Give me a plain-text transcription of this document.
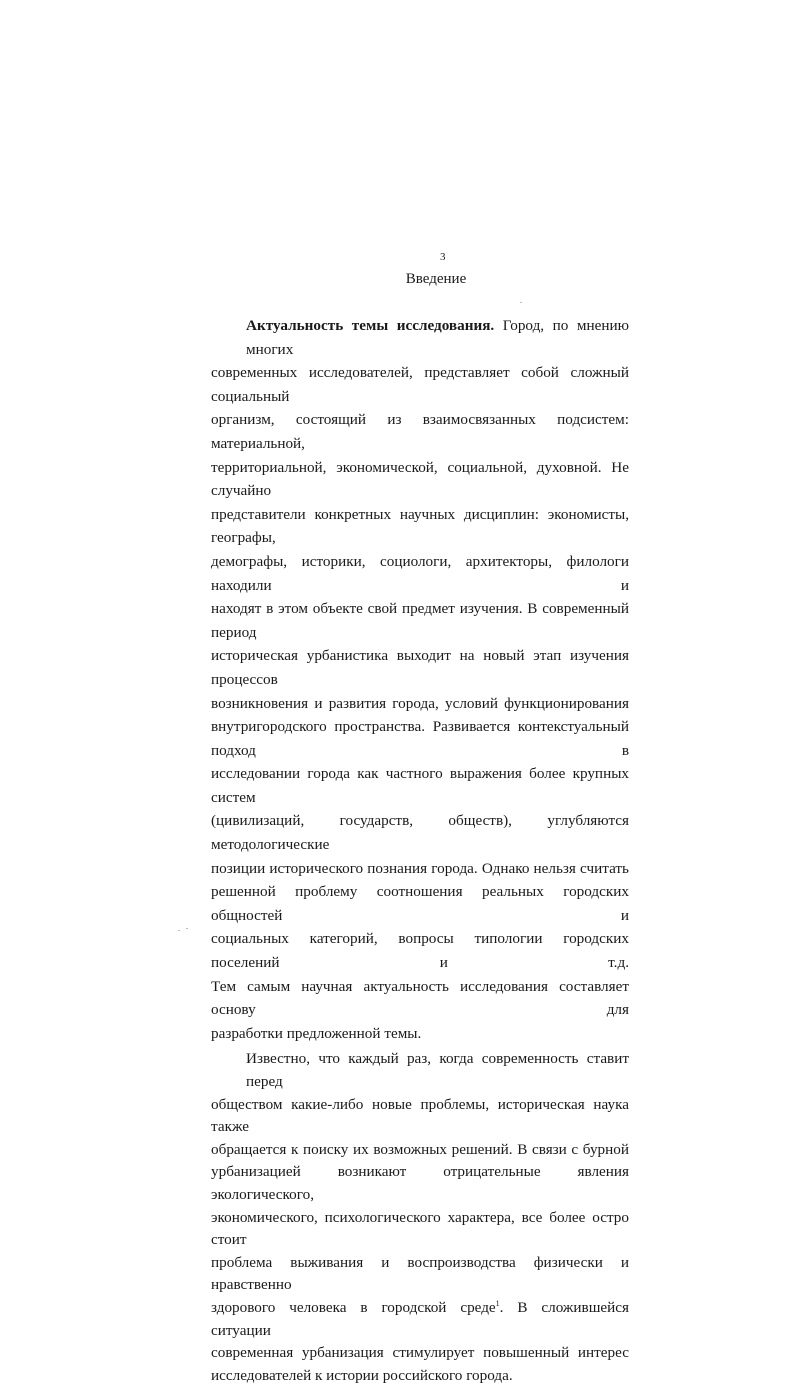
3
Введение
Актуальность темы исследования. Город, по мнению многих
современных исследователей, представляет собой сложный социальный
организм, состоящий из взаимосвязанных подсистем: материальной,
территориальной, экономической, социальной, духовной. Не случайно
представители конкретных научных дисциплин: экономисты, географы,
демографы, историки, социологи, архитекторы, филологи находили и
находят в этом объекте свой предмет изучения. В современный период
историческая урбанистика выходит на новый этап изучения процессов
возникновения и развития города, условий функционирования
внутригородского пространства. Развивается контекстуальный подход в
исследовании города как частного выражения более крупных систем
(цивилизаций, государств, обществ), углубляются методологические
позиции исторического познания города. Однако нельзя считать
решенной проблему соотношения реальных городских общностей и
социальных категорий, вопросы типологии городских поселений и т.д.
Тем самым научная актуальность исследования составляет основу для
разработки предложенной темы.
Известно, что каждый раз, когда современность ставит перед
обществом какие-либо новые проблемы, историческая наука также
обращается к поиску их возможных решений. В связи с бурной
урбанизацией возникают отрицательные явления экологического,
экономического, психологического характера, все более остро стоит
проблема выживания и воспроизводства физически и нравственно
здорового человека в городской среде$^1$. В сложившейся ситуации
современная урбанизация стимулирует повышенный интерес
исследователей к истории российского города.
